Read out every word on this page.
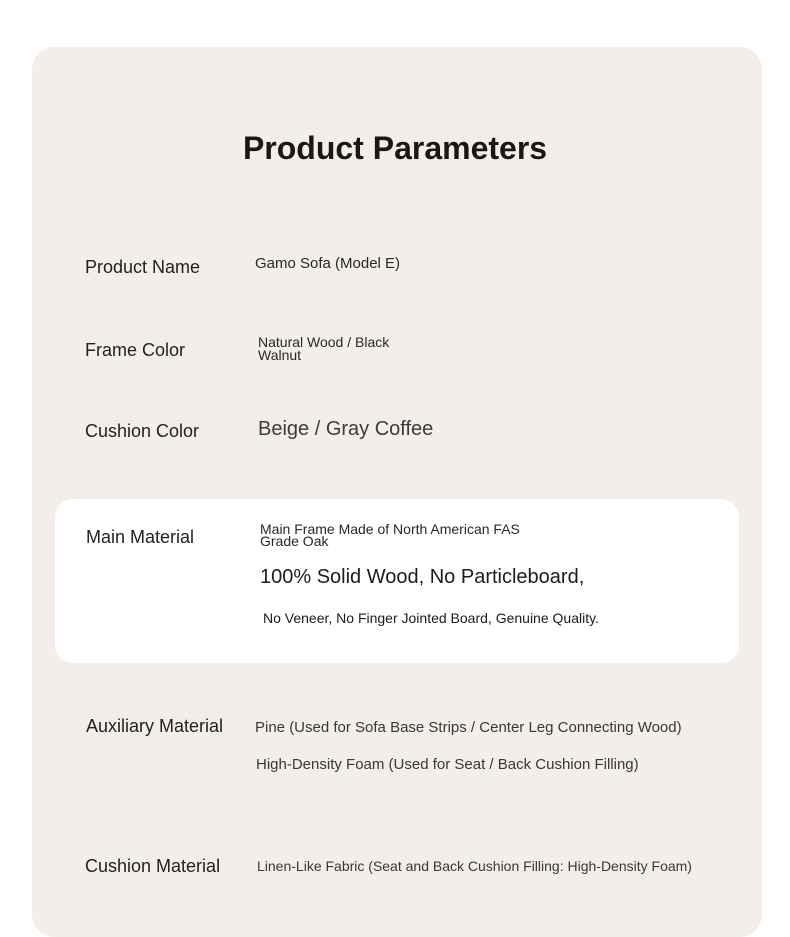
Product Parameters
Product Name	Gamo Sofa (Model E)
Frame Color	Natural Wood / Black
Walnut
Cushion Color	Beige / Gray Coffee
Main Material	Main Frame Made of North American FAS
Grade Oak
100% Solid Wood, No Particleboard,
No Veneer, No Finger Jointed Board, Genuine Quality.
Auxiliary Material Pine (Used for Sofa Base Strips / Center Leg Connecting Wood)
High-Density Foam (Used for Seat / Back Cushion Filling)
Cushion Material	Linen-Like Fabric (Seat and Back Cushion Filling: High-Density Foam)
